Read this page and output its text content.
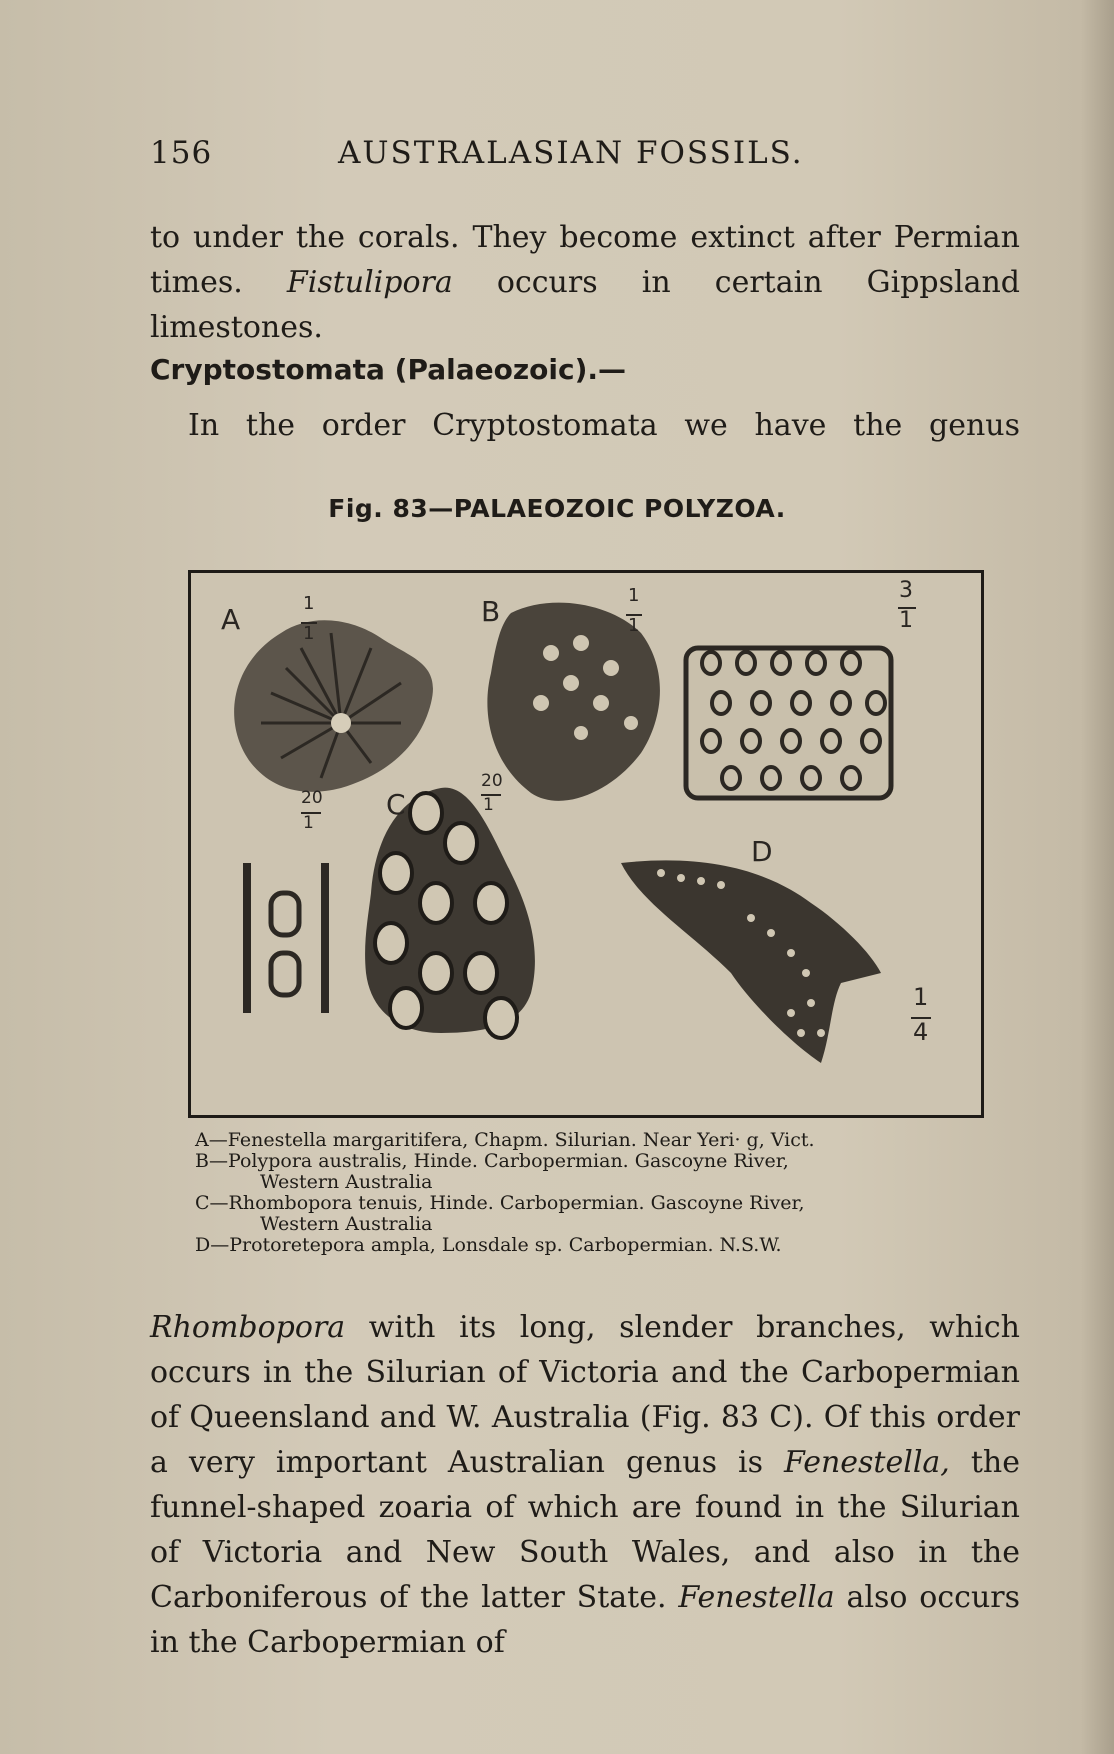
156	AUSTRALASIAN FOSSILS.
to under the corals. They become extinct after Permian times. Fistulipora occurs in certain Gippsland limestones.
Cryptostomata (Palaeozoic).—
In the order Cryptostomata we have the genus
Fig. 83—PALAEOZOIC POLYZOA.
A	B
C
D
1
1
1
1
3
1
20
1
20
1
1
4
A—Fenestella margaritifera, Chapm. Silurian. Near Yeri· g, Vict.
B—Polypora australis, Hinde. Carbopermian. Gascoyne River,
Western Australia
C—Rhombopora tenuis, Hinde. Carbopermian. Gascoyne River,
Western Australia
D—Protoretepora ampla, Lonsdale sp. Carbopermian. N.S.W.
Rhombopora with its long, slender branches, which occurs in the Silurian of Victoria and the Carbopermian of Queensland and W. Australia (Fig. 83 C). Of this order a very important Australian genus is Fenestella, the funnel-shaped zoaria of which are found in the Silurian of Victoria and New South Wales, and also in the Carboniferous of the latter State. Fenestella also occurs in the Carbopermian of
